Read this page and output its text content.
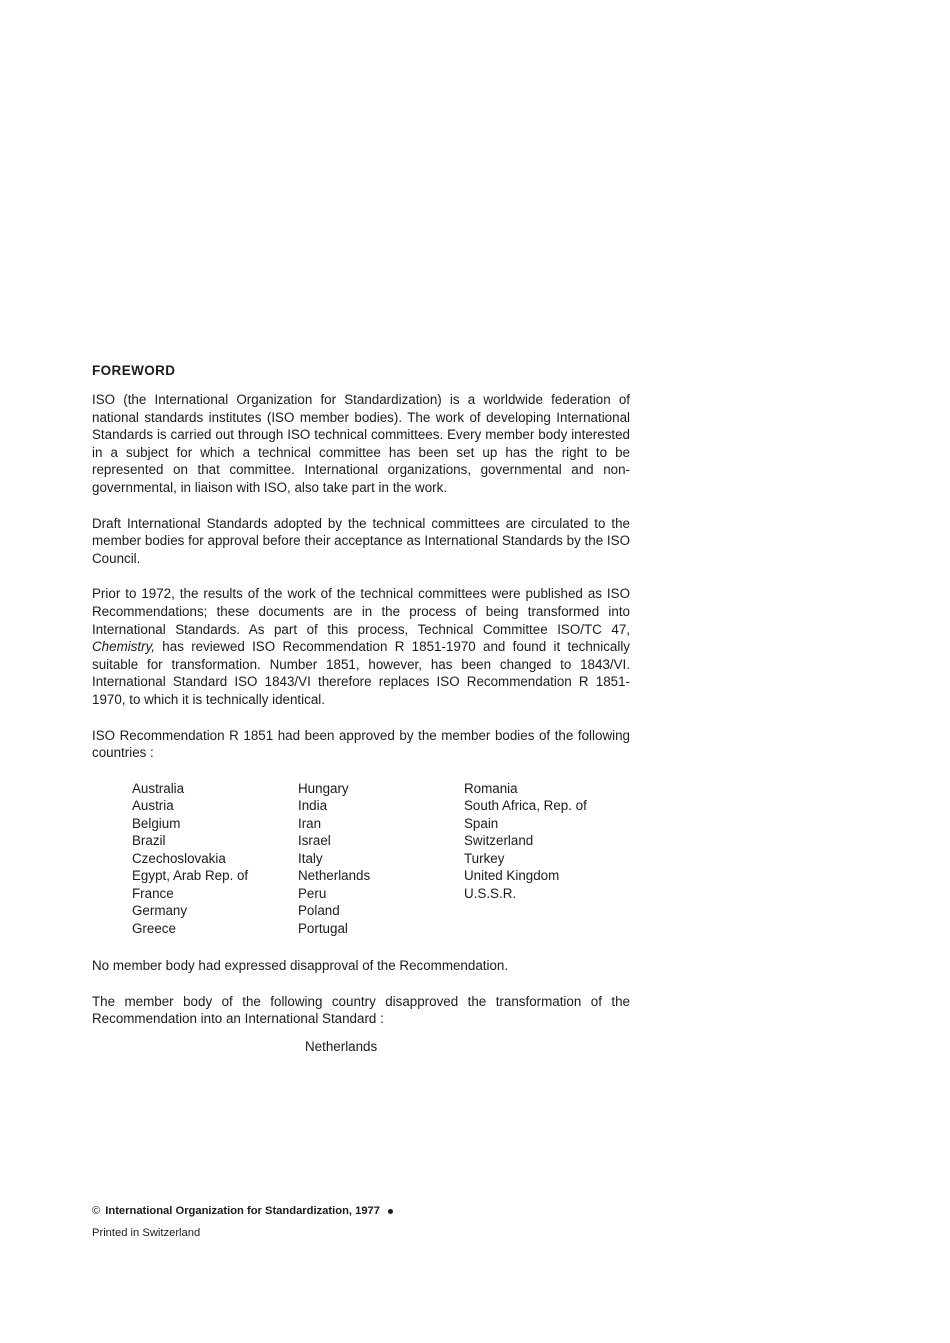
FOREWORD

ISO (the International Organization for Standardization) is a worldwide federation of national standards institutes (ISO member bodies). The work of developing International Standards is carried out through ISO technical committees. Every member body interested in a subject for which a technical committee has been set up has the right to be represented on that committee. International organizations, governmental and non-governmental, in liaison with ISO, also take part in the work.

Draft International Standards adopted by the technical committees are circulated to the member bodies for approval before their acceptance as International Standards by the ISO Council.

Prior to 1972, the results of the work of the technical committees were published as ISO Recommendations; these documents are in the process of being transformed into International Standards. As part of this process, Technical Committee ISO/TC 47, Chemistry, has reviewed ISO Recommendation R 1851-1970 and found it technically suitable for transformation. Number 1851, however, has been changed to 1843/VI. International Standard ISO 1843/VI therefore replaces ISO Recommendation R 1851-1970, to which it is technically identical.

ISO Recommendation R 1851 had been approved by the member bodies of the following countries :

Australia
Austria
Belgium
Brazil
Czechoslovakia
Egypt, Arab Rep. of
France
Germany
Greece
Hungary
India
Iran
Israel
Italy
Netherlands
Peru
Poland
Portugal
Romania
South Africa, Rep. of
Spain
Switzerland
Turkey
United Kingdom
U.S.S.R.

No member body had expressed disapproval of the Recommendation.

The member body of the following country disapproved the transformation of the Recommendation into an International Standard :

Netherlands

© International Organization for Standardization, 1977

Printed in Switzerland
